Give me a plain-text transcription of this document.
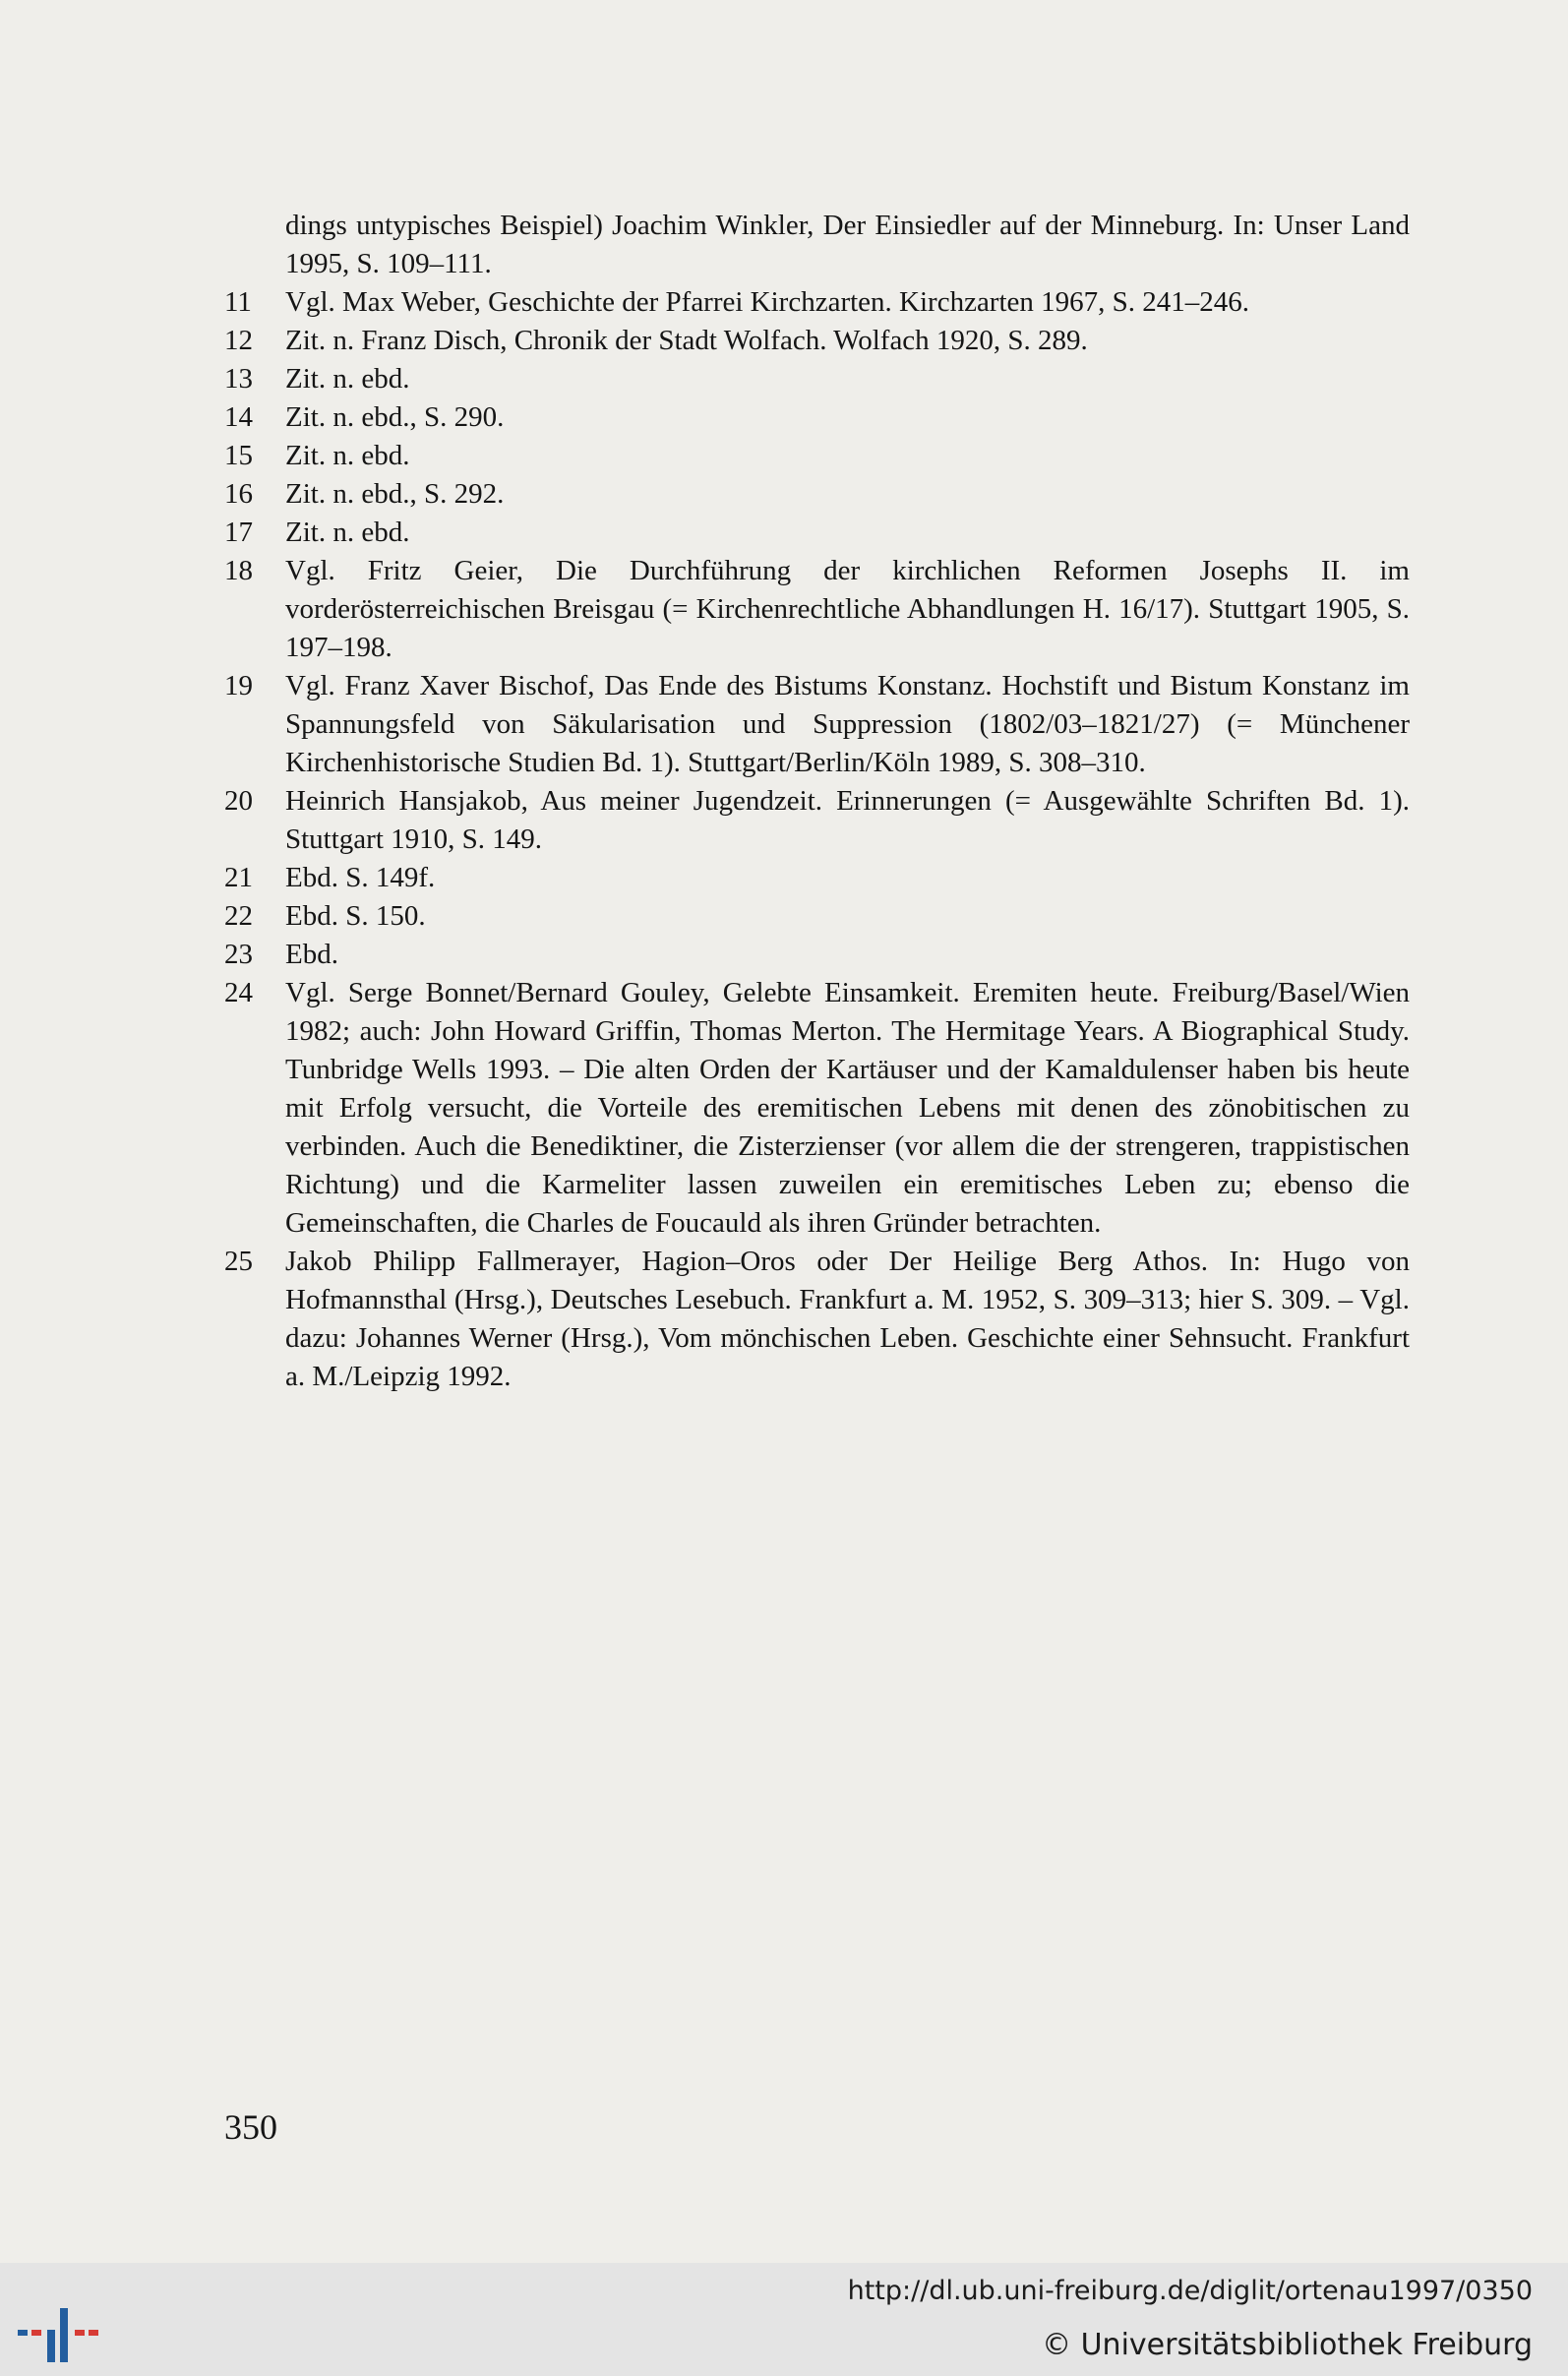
dings untypisches Beispiel) Joachim Winkler, Der Einsiedler auf der Minneburg. In: Unser Land 1995, S. 109–111.
11	Vgl. Max Weber, Geschichte der Pfarrei Kirchzarten. Kirchzarten 1967, S. 241–246.
12	Zit. n. Franz Disch, Chronik der Stadt Wolfach. Wolfach 1920, S. 289.
13	Zit. n. ebd.
14	Zit. n. ebd., S. 290.
15	Zit. n. ebd.
16	Zit. n. ebd., S. 292.
17	Zit. n. ebd.
18	Vgl. Fritz Geier, Die Durchführung der kirchlichen Reformen Josephs II. im vorderösterreichischen Breisgau (= Kirchenrechtliche Abhandlungen H. 16/17). Stuttgart 1905, S. 197–198.
19	Vgl. Franz Xaver Bischof, Das Ende des Bistums Konstanz. Hochstift und Bistum Konstanz im Spannungsfeld von Säkularisation und Suppression (1802/03–1821/27) (= Münchener Kirchenhistorische Studien Bd. 1). Stuttgart/Berlin/Köln 1989, S. 308–310.
20	Heinrich Hansjakob, Aus meiner Jugendzeit. Erinnerungen (= Ausgewählte Schriften Bd. 1). Stuttgart 1910, S. 149.
21	Ebd. S. 149f.
22	Ebd. S. 150.
23	Ebd.
24	Vgl. Serge Bonnet/Bernard Gouley, Gelebte Einsamkeit. Eremiten heute. Freiburg/Basel/Wien 1982; auch: John Howard Griffin, Thomas Merton. The Hermitage Years. A Biographical Study. Tunbridge Wells 1993. – Die alten Orden der Kartäuser und der Kamaldulenser haben bis heute mit Erfolg versucht, die Vorteile des eremitischen Lebens mit denen des zönobitischen zu verbinden. Auch die Benediktiner, die Zisterzienser (vor allem die der strengeren, trappistischen Richtung) und die Karmeliter lassen zuweilen ein eremitisches Leben zu; ebenso die Gemeinschaften, die Charles de Foucauld als ihren Gründer betrachten.
25	Jakob Philipp Fallmerayer, Hagion–Oros oder Der Heilige Berg Athos. In: Hugo von Hofmannsthal (Hrsg.), Deutsches Lesebuch. Frankfurt a. M. 1952, S. 309–313; hier S. 309. – Vgl. dazu: Johannes Werner (Hrsg.), Vom mönchischen Leben. Geschichte einer Sehnsucht. Frankfurt a. M./Leipzig 1992.
350
http://dl.ub.uni-freiburg.de/diglit/ortenau1997/0350
© Universitätsbibliothek Freiburg
